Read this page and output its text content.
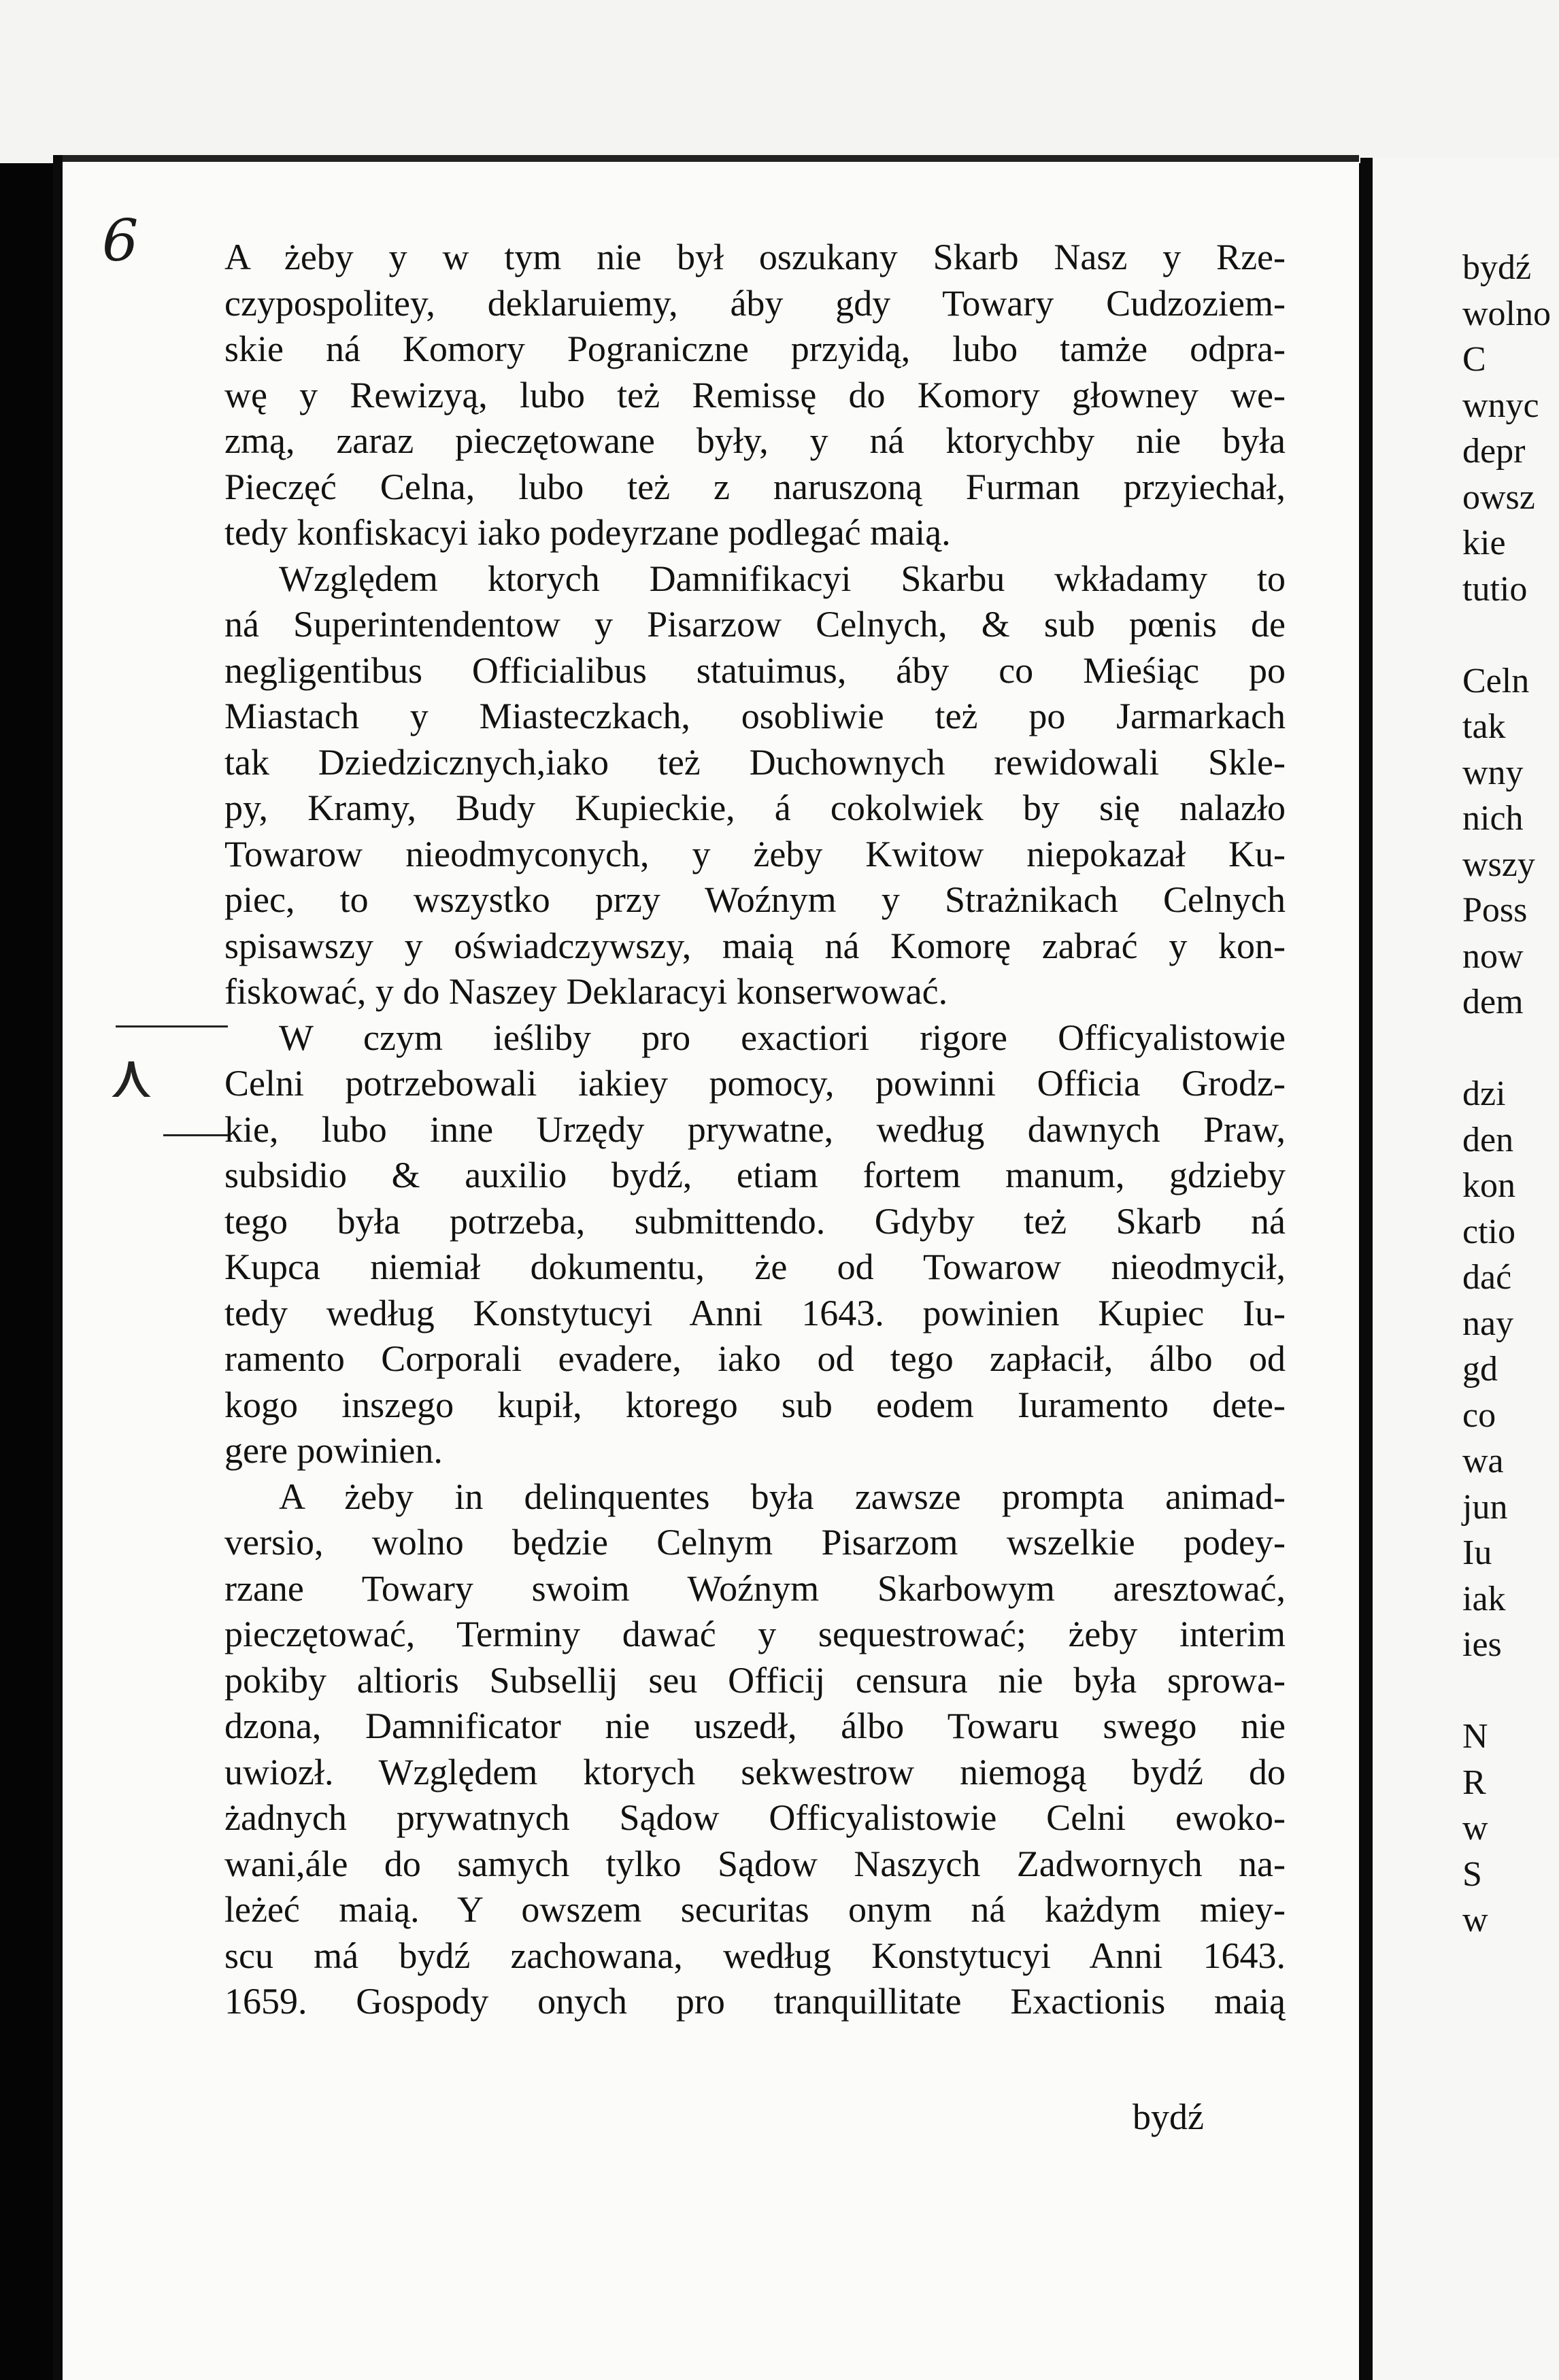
6
⋏
A żeby y w tym nie był oszukany Skarb Nasz y Rze-
czypospolitey, deklaruiemy, áby gdy Towary Cudzoziem-
skie ná Komory Pograniczne przyidą, lubo tamże odpra-
wę y Rewizyą, lubo też Remissę do Komory głowney we-
zmą, zaraz pieczętowane były, y ná ktorychby nie była
Pieczęć Celna, lubo też z naruszoną Furman przyiechał,
tedy konfiskacyi iako podeyrzane podlegać maią.
Względem ktorych Damnifikacyi Skarbu wkładamy to
ná Superintendentow y Pisarzow Celnych, & sub pœnis de
negligentibus Officialibus statuimus, áby co Mieśiąc po
Miastach y Miasteczkach, osobliwie też po Jarmarkach
tak Dziedzicznych,iako też Duchownych rewidowali Skle-
py, Kramy, Budy Kupieckie, á cokolwiek by się nalazło
Towarow nieodmyconych, y żeby Kwitow niepokazał Ku-
piec, to wszystko przy Woźnym y Strażnikach Celnych
spisawszy y oświadczywszy, maią ná Komorę zabrać y kon-
fiskować, y do Naszey Deklaracyi konserwować.
W czym ieśliby pro exactiori rigore Officyalistowie
Celni potrzebowali iakiey pomocy, powinni Officia Grodz-
kie, lubo inne Urzędy prywatne, według dawnych Praw,
subsidio & auxilio bydź, etiam fortem manum, gdzieby
tego była potrzeba, submittendo. Gdyby też Skarb ná
Kupca niemiał dokumentu, że od Towarow nieodmycił,
tedy według Konstytucyi Anni 1643. powinien Kupiec Iu-
ramento Corporali evadere, iako od tego zapłacił, álbo od
kogo inszego kupił, ktorego sub eodem Iuramento dete-
gere powinien.
A żeby in delinquentes była zawsze prompta animad-
versio, wolno będzie Celnym Pisarzom wszelkie podey-
rzane Towary swoim Woźnym Skarbowym aresztować,
pieczętować, Terminy dawać y sequestrować; żeby interim
pokiby altioris Subsellij seu Officij censura nie była sprowa-
dzona, Damnificator nie uszedł, álbo Towaru swego nie
uwiozł. Względem ktorych sekwestrow niemogą bydź do
żadnych prywatnych Sądow Officyalistowie Celni ewoko-
wani,ále do samych tylko Sądow Naszych Zadwornych na-
leżeć maią. Y owszem securitas onym ná każdym miey-
scu má bydź zachowana, według Konstytucyi Anni 1643.
1659. Gospody onych pro tranquillitate Exactionis maią
bydź
bydź
wolno
C
wnyc
depr
owsz
kie
tutio
Celn
tak
wny
nich
wszy
Poss
now
dem
dzi
den
kon
ctio
dać
nay
gd
co
wa
jun
Iu
iak
ies
N
R
w
S
w
